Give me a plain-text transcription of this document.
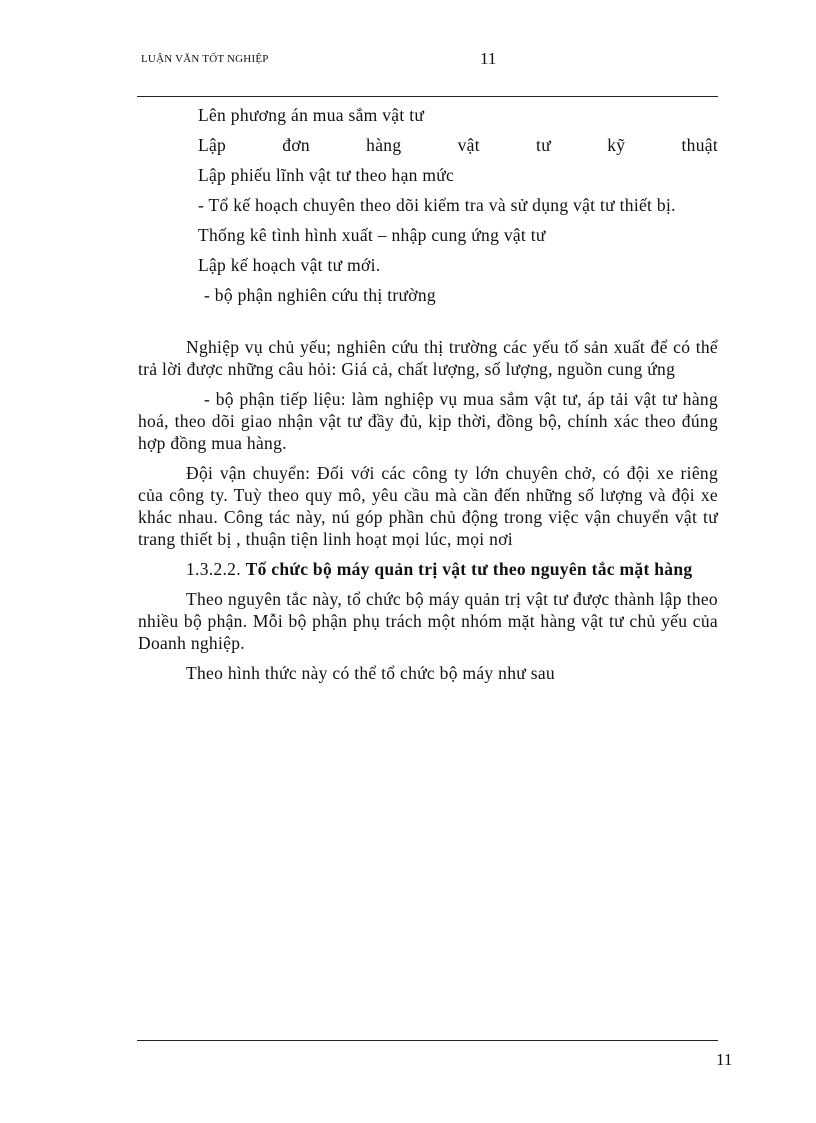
LUẬN VĂN TỐT NGHIỆP	11

Lên phương án mua sắm vật tư

Lập đơn hàng vật tư kỹ thuật

Lập phiếu lĩnh vật tư theo hạn mức

- Tổ kế hoạch chuyên theo dõi kiểm tra và sử dụng vật tư thiết bị.

Thống kê tình hình xuất – nhập cung ứng vật tư

Lập kế hoạch vật tư mới.

- bộ phận nghiên cứu thị trường

Nghiệp vụ chủ yếu; nghiên cứu thị trường các yếu tố sản xuất để có thể trả lời được những câu hỏi: Giá cả, chất lượng, số lượng, nguồn cung ứng

- bộ phận tiếp liệu: làm nghiệp vụ mua sắm vật tư, áp tải vật tư hàng hoá, theo dõi giao nhận vật tư đầy đủ, kịp thời, đồng bộ, chính xác theo đúng hợp đồng mua hàng.

Đội vận chuyển: Đối với các công ty lớn chuyên chở, có đội xe riêng của công ty. Tuỳ theo quy mô, yêu cầu mà cần đến những số lượng và đội xe khác nhau. Công tác này, nú góp phần chủ động trong việc vận chuyển vật tư trang thiết bị , thuận tiện linh hoạt mọi lúc, mọi nơi

1.3.2.2. Tổ chức bộ máy quản trị vật tư theo nguyên tắc mặt hàng

Theo nguyên tắc này, tổ chức bộ máy quản trị vật tư được thành lập theo nhiều bộ phận. Mỗi bộ phận phụ trách một nhóm mặt hàng vật tư chủ yếu của Doanh nghiệp.

Theo hình thức này có thể tổ chức bộ máy như sau

11
